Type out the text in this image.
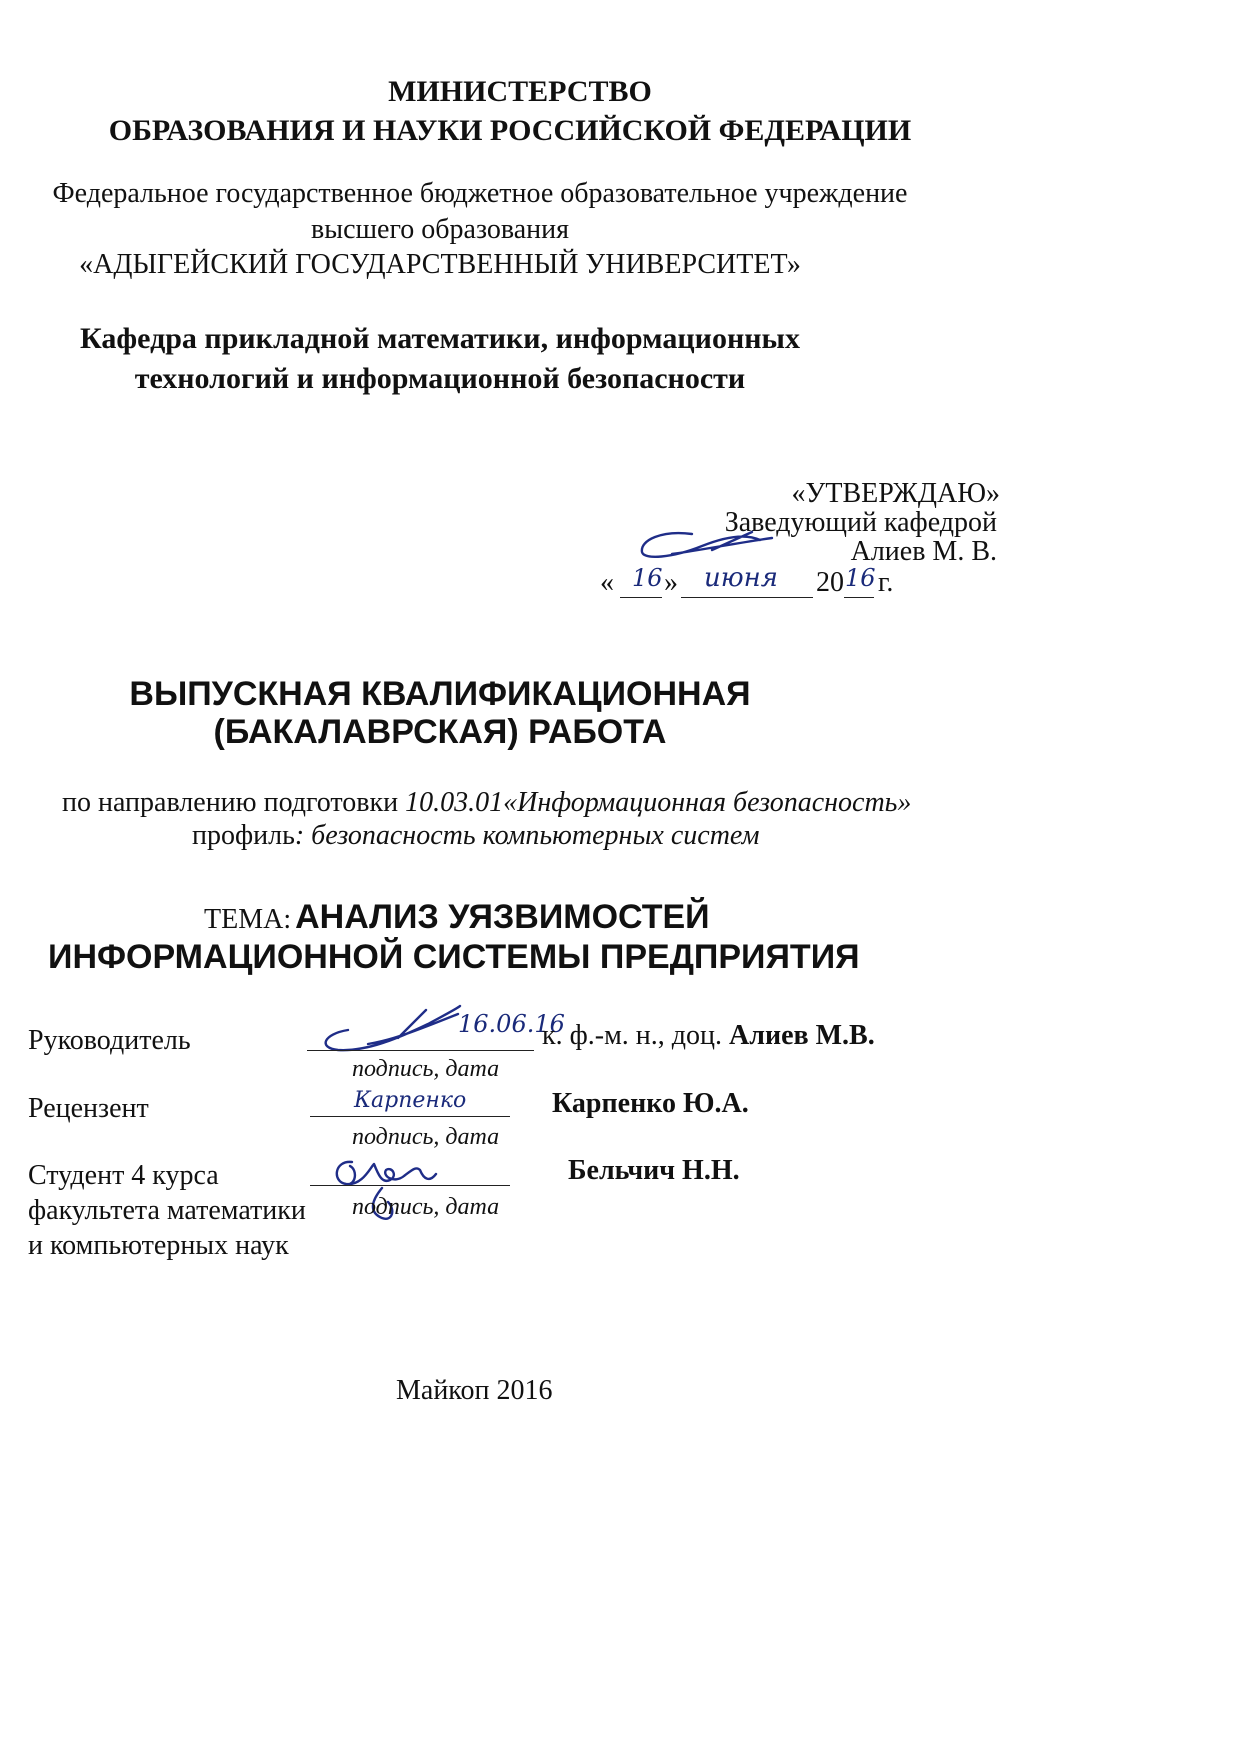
МИНИСТЕРСТВО
ОБРАЗОВАНИЯ И НАУКИ РОССИЙСКОЙ ФЕДЕРАЦИИ
Федеральное государственное бюджетное образовательное учреждение
высшего образования
«АДЫГЕЙСКИЙ ГОСУДАРСТВЕННЫЙ УНИВЕРСИТЕТ»
Кафедра прикладной математики, информационных
технологий и информационной безопасности
«УТВЕРЖДАЮ»
Заведующий кафедрой
Алиев М. В.
« 16 » июня 20 16 г.
ВЫПУСКНАЯ КВАЛИФИКАЦИОННАЯ
(БАКАЛАВРСКАЯ) РАБОТА
по направлению подготовки 10.03.01«Информационная безопасность»
профиль: безопасность компьютерных систем
ТЕМА: АНАЛИЗ УЯЗВИМОСТЕЙ
ИНФОРМАЦИОННОЙ СИСТЕМЫ ПРЕДПРИЯТИЯ
Руководитель
16.06.16
к. ф.-м. н., доц. Алиев М.В.
подпись, дата
Рецензент	Карпенко	Карпенко Ю.А.
подпись, дата
Студент 4 курса
факультета математики
и компьютерных наук
Бельчич Н.Н.
подпись, дата
Майкоп 2016
